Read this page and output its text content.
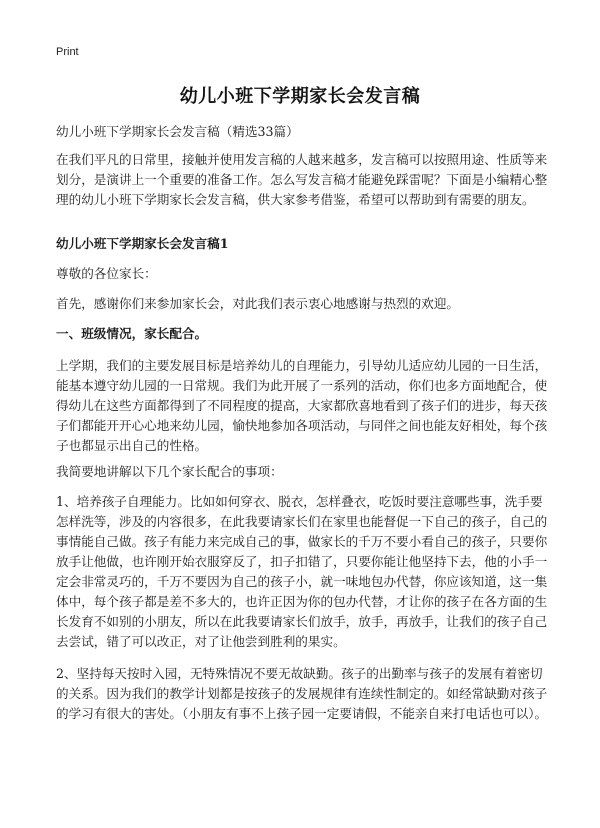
Print
幼儿小班下学期家长会发言稿
幼儿小班下学期家长会发言稿（精选33篇）
在我们平凡的日常里，接触并使用发言稿的人越来越多，发言稿可以按照用途、性质等来划分，是演讲上一个重要的准备工作。怎么写发言稿才能避免踩雷呢？下面是小编精心整理的幼儿小班下学期家长会发言稿，供大家参考借鉴，希望可以帮助到有需要的朋友。
幼儿小班下学期家长会发言稿1
尊敬的各位家长：
首先，感谢你们来参加家长会，对此我们表示衷心地感谢与热烈的欢迎。
一、班级情况，家长配合。
上学期，我们的主要发展目标是培养幼儿的自理能力，引导幼儿适应幼儿园的一日生活，能基本遵守幼儿园的一日常规。我们为此开展了一系列的活动，你们也多方面地配合，使得幼儿在这些方面都得到了不同程度的提高，大家都欣喜地看到了孩子们的进步，每天孩子们都能开开心心地来幼儿园，愉快地参加各项活动，与同伴之间也能友好相处，每个孩子也都显示出自己的性格。
我简要地讲解以下几个家长配合的事项：
1、培养孩子自理能力。比如如何穿衣、脱衣，怎样叠衣，吃饭时要注意哪些事，洗手要怎样洗等，涉及的内容很多，在此我要请家长们在家里也能督促一下自己的孩子，自己的事情能自己做。孩子有能力来完成自己的事，做家长的千万不要小看自己的孩子，只要你放手让他做，也许刚开始衣服穿反了，扣子扣错了，只要你能让他坚持下去，他的小手一定会非常灵巧的，千万不要因为自己的孩子小，就一味地包办代替，你应该知道，这一集体中，每个孩子都是差不多大的，也许正因为你的包办代替，才让你的孩子在各方面的生长发育不如别的小朋友，所以在此我要请家长们放手，放手，再放手，让我们的孩子自己去尝试，错了可以改正，对了让他尝到胜利的果实。
2、坚持每天按时入园，无特殊情况不要无故缺勤。孩子的出勤率与孩子的发展有着密切的关系。因为我们的教学计划都是按孩子的发展规律有连续性制定的。如经常缺勤对孩子的学习有很大的害处。（小朋友有事不上孩子园一定要请假，不能亲自来打电话也可以）。
